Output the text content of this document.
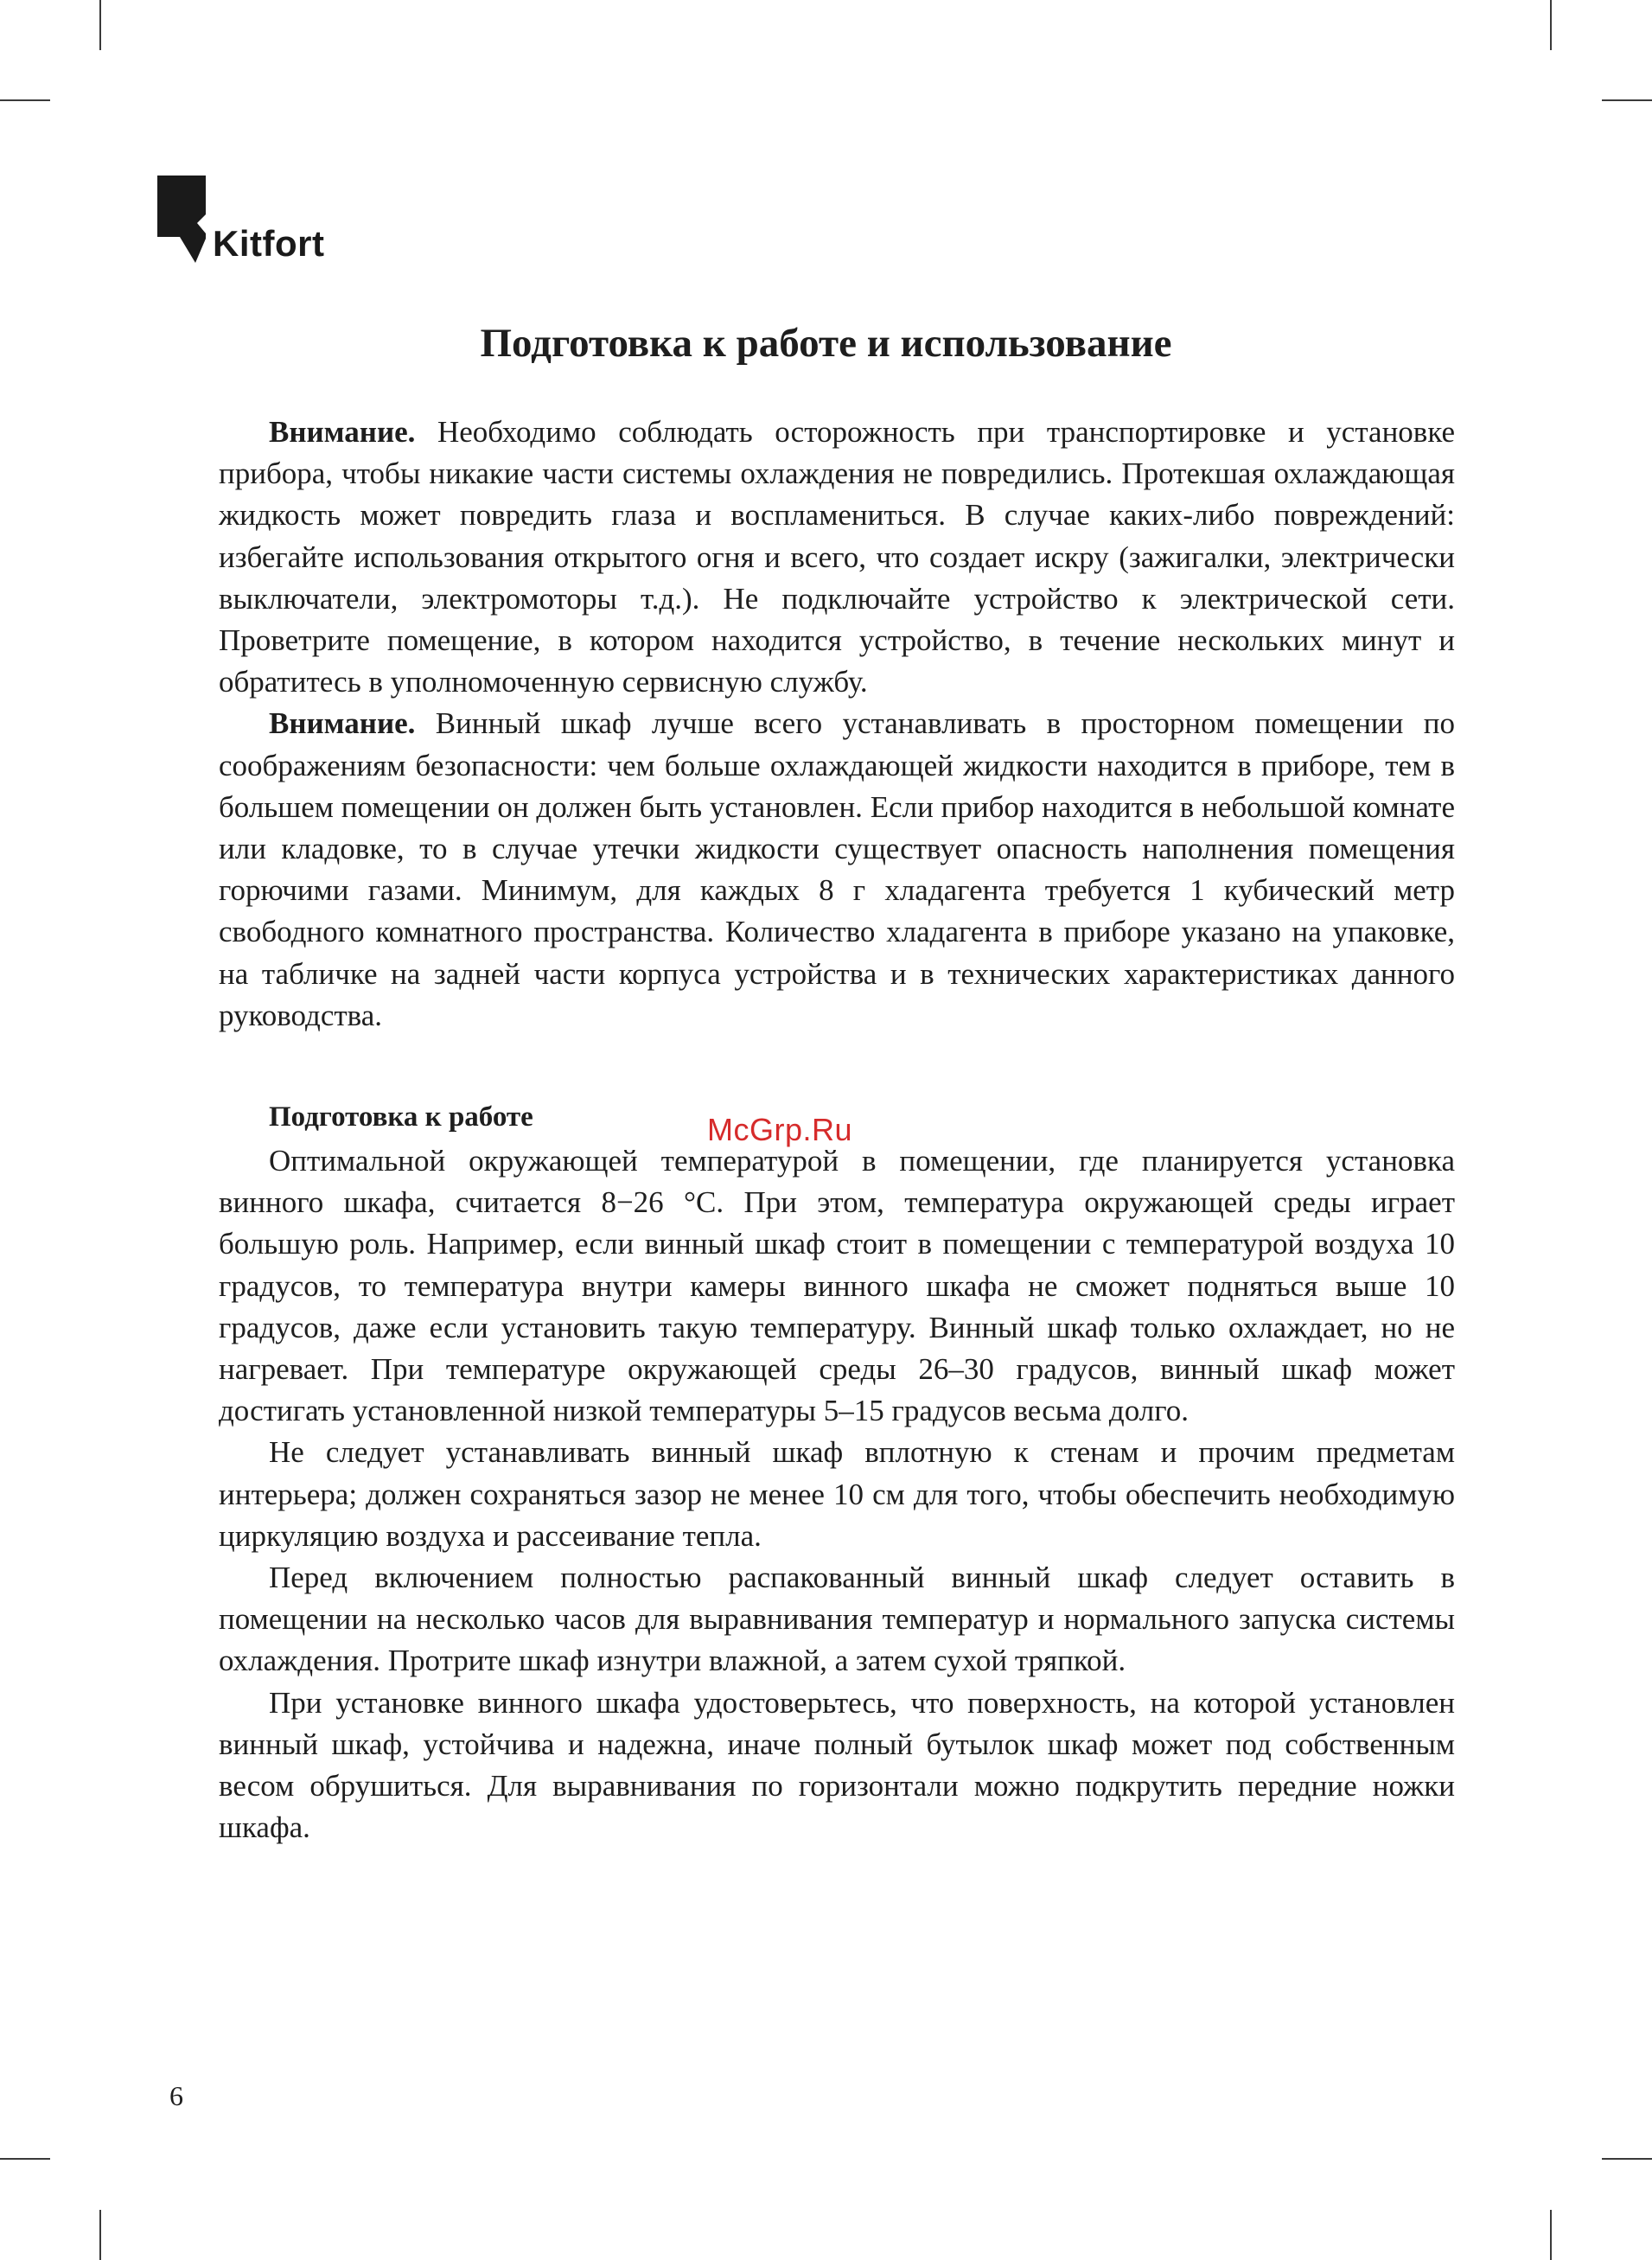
Kitfort
Подготовка к работе и использование

Внимание. Необходимо соблюдать осторожность при транспортировке и установке прибора, чтобы никакие части системы охлаждения не повредились. Протекшая охлаждающая жидкость может повредить глаза и воспламениться. В случае каких-либо повреждений: избегайте использования открытого огня и всего, что создает искру (зажигалки, электрически выключатели, электромоторы т.д.). Не подключайте устройство к электрической сети. Проветрите помещение, в котором находится устройство, в течение нескольких минут и обратитесь в уполномоченную сервисную службу.

Внимание. Винный шкаф лучше всего устанавливать в просторном помещении по соображениям безопасности: чем больше охлаждающей жидкости находится в приборе, тем в большем помещении он должен быть установлен. Если прибор находится в небольшой комнате или кладовке, то в случае утечки жидкости существует опасность наполнения помещения горючими газами. Минимум, для каждых 8 г хладагента требуется 1 кубический метр свободного комнатного пространства. Количество хладагента в приборе указано на упаковке, на табличке на задней части корпуса устройства и в технических характеристиках данного руководства.

Подготовка к работе	McGrp.Ru

Оптимальной окружающей температурой в помещении, где планируется установка винного шкафа, считается 8−26 °C. При этом, температура окружающей среды играет большую роль. Например, если винный шкаф стоит в помещении с температурой воздуха 10 градусов, то температура внутри камеры винного шкафа не сможет подняться выше 10 градусов, даже если установить такую температуру. Винный шкаф только охлаждает, но не нагревает. При температуре окружающей среды 26–30 градусов, винный шкаф может достигать установленной низкой температуры 5–15 градусов весьма долго.

Не следует устанавливать винный шкаф вплотную к стенам и прочим предметам интерьера; должен сохраняться зазор не менее 10 см для того, чтобы обеспечить необходимую циркуляцию воздуха и рассеивание тепла.

Перед включением полностью распакованный винный шкаф следует оставить в помещении на несколько часов для выравнивания температур и нормального запуска системы охлаждения. Протрите шкаф изнутри влажной, а затем сухой тряпкой.

При установке винного шкафа удостоверьтесь, что поверхность, на которой установлен винный шкаф, устойчива и надежна, иначе полный бутылок шкаф может под собственным весом обрушиться. Для выравнивания по горизонтали можно подкрутить передние ножки шкафа.

6
